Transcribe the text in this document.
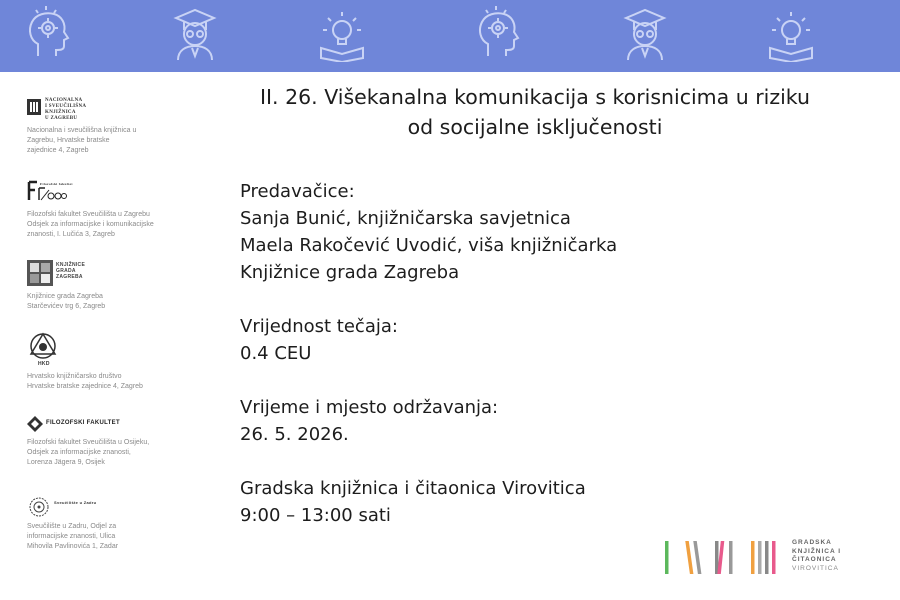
NACIONALNA
I SVEUČILIŠNA
KNJIŽNICA
U ZAGREBU
Nacionalna i sveučilišna knjižnica u
Zagrebu, Hrvatske bratske
zajednice 4, Zagreb
Filozofski fakultet
Filozofski fakultet Sveučilišta u Zagrebu
Odsjek za informacijske i komunikacijske
znanosti, I. Lučića 3, Zagreb
KNJIŽNICE
GRADA
ZAGREBA
Knjižnice grada Zagreba
Starčevićev trg 6, Zagreb
HKD
Hrvatsko knjižničarsko društvo
Hrvatske bratske zajednice 4, Zagreb
FILOZOFSKI FAKULTET
Filozofski fakultet Sveučilišta u Osijeku,
Odsjek za informacijske znanosti,
Lorenza Jägera 9, Osijek
Sveučilište u Zadru
Sveučilište u Zadru, Odjel za
informacijske znanosti, Ulica
Mihovila Pavlinovića 1, Zadar
II. 26. Višekanalna komunikacija s korisnicima u riziku
od socijalne isključenosti
Predavačice:
Sanja Bunić, knjižničarska savjetnica
Maela Rakočević Uvodić, viša knjižničarka
Knjižnice grada Zagreba

Vrijednost tečaja:
0.4 CEU

Vrijeme i mjesto održavanja:
26. 5. 2026.

Gradska knjižnica i čitaonica Virovitica
9:00 – 13:00 sati
GRADSKA
KNJIŽNICA I
ČITAONICA
VIROVITICA
